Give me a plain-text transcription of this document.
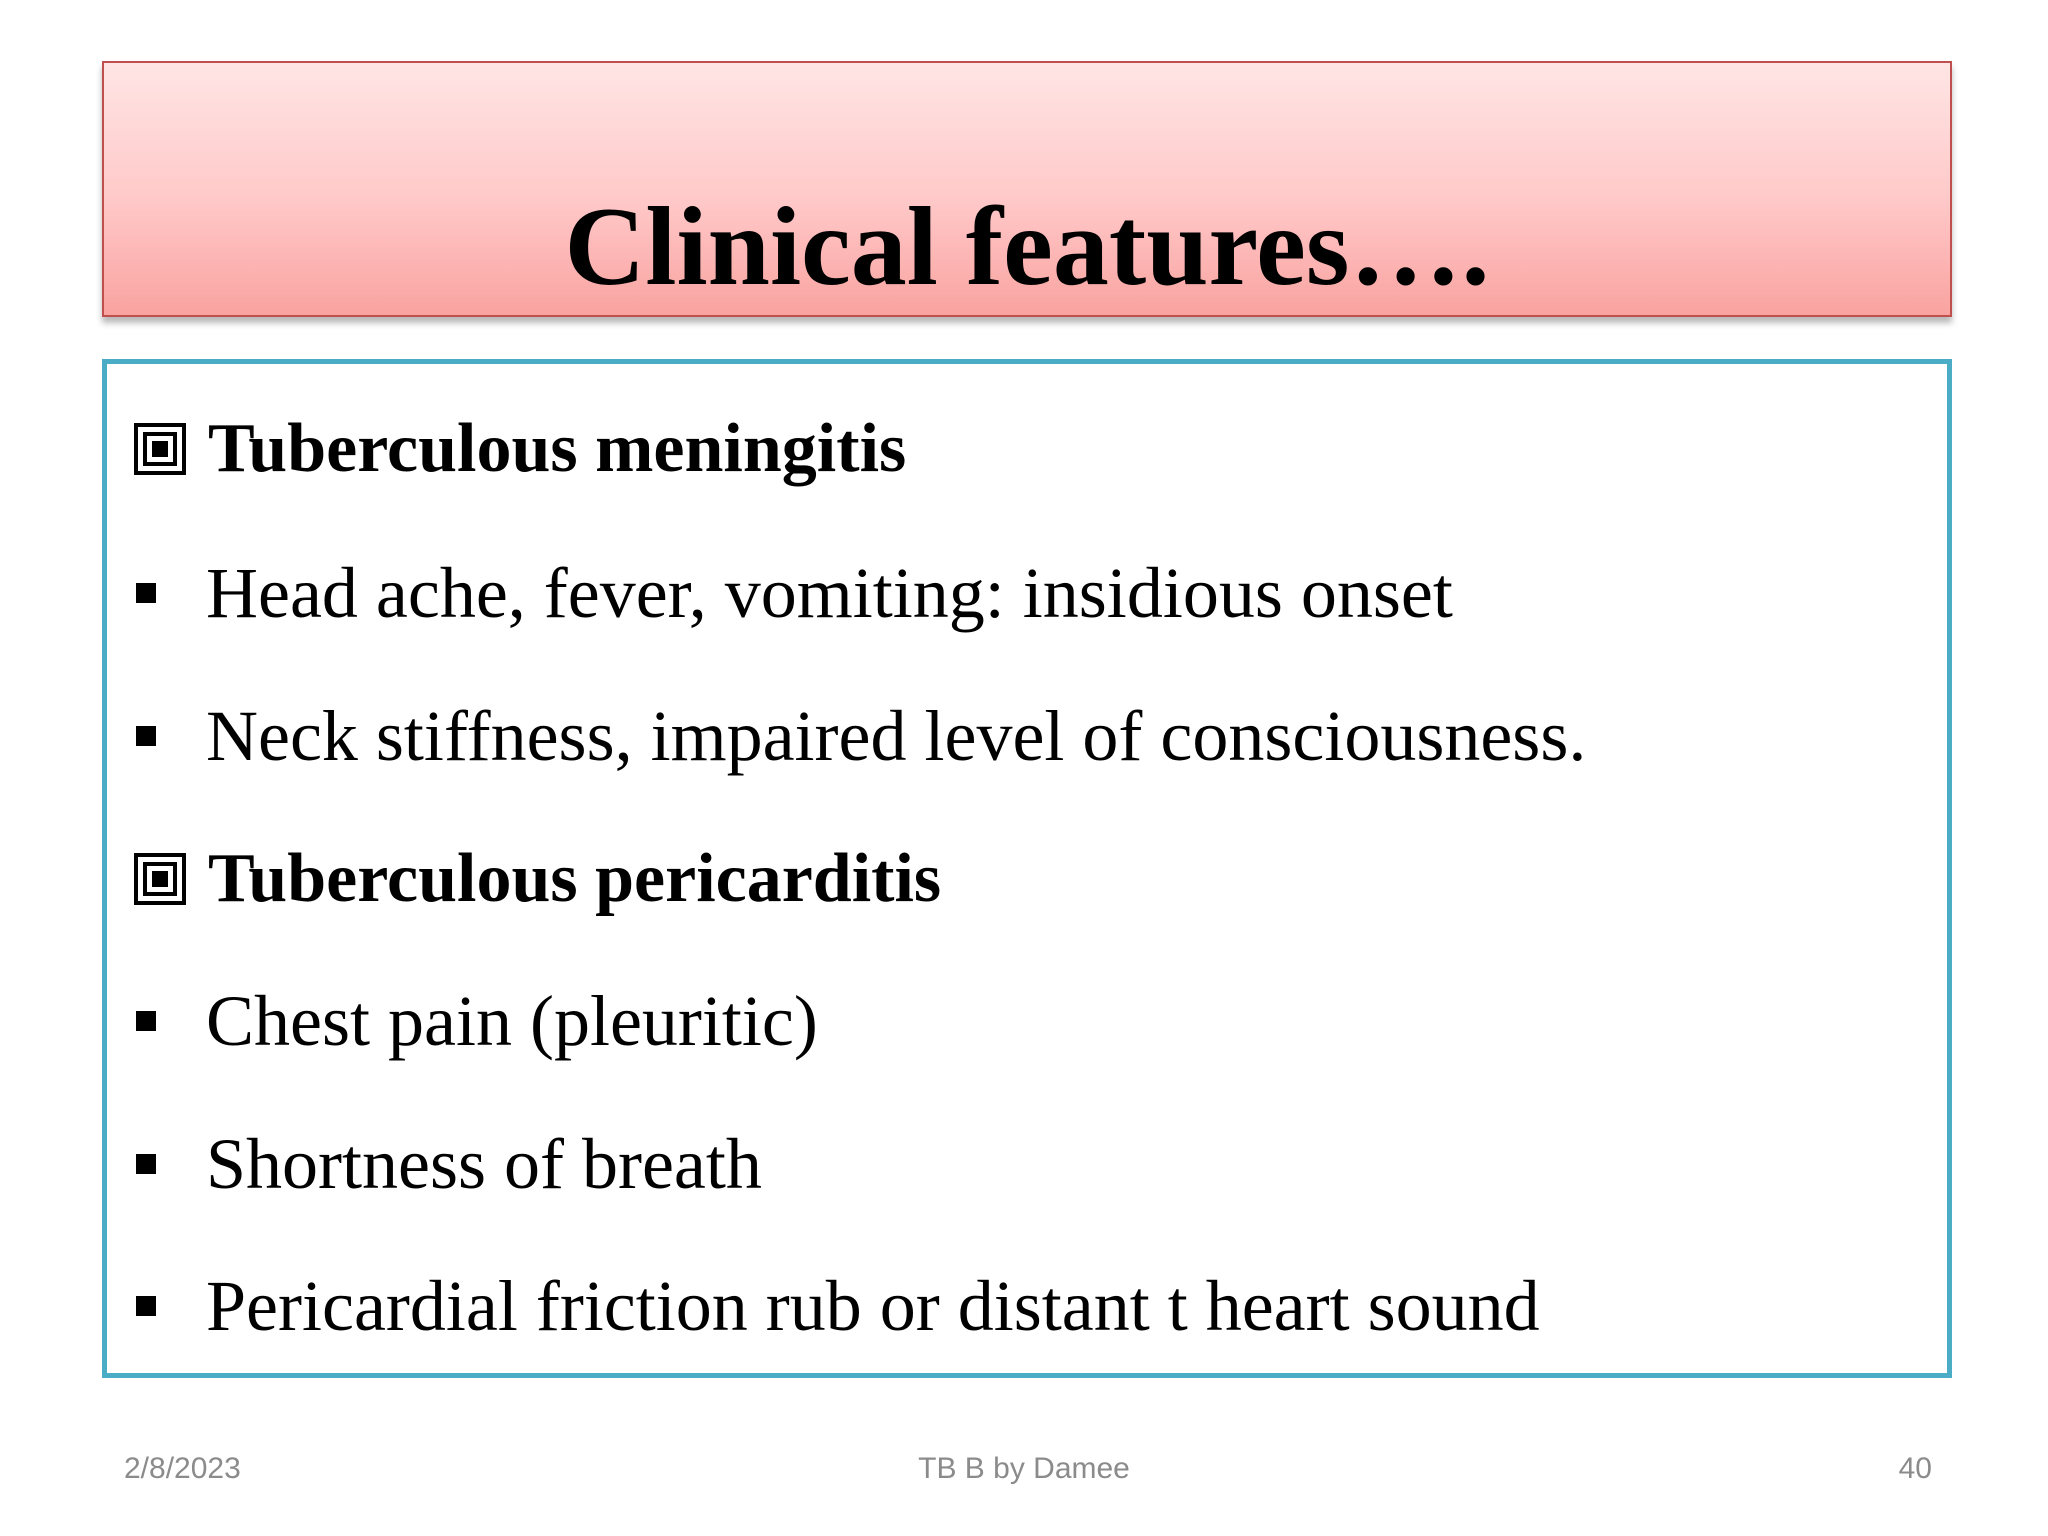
Clinical features….
Tuberculous meningitis
Head ache, fever, vomiting: insidious onset
Neck stiffness, impaired level of consciousness.
Tuberculous pericarditis
Chest pain (pleuritic)
Shortness of breath
Pericardial friction rub or distant t heart sound
2/8/2023	TB B by Damee	40
